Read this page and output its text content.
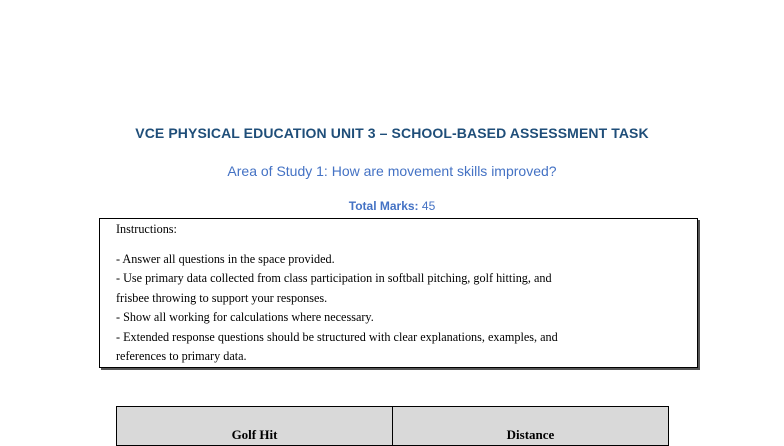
VCE PHYSICAL EDUCATION UNIT 3 – SCHOOL-BASED ASSESSMENT TASK
Area of Study 1: How are movement skills improved?
Total Marks: 45
Instructions:
- Answer all questions in the space provided.
- Use primary data collected from class participation in softball pitching, golf hitting, and
frisbee throwing to support your responses.
- Show all working for calculations where necessary.
- Extended response questions should be structured with clear explanations, examples, and
references to primary data.
Golf Hit	Distance
